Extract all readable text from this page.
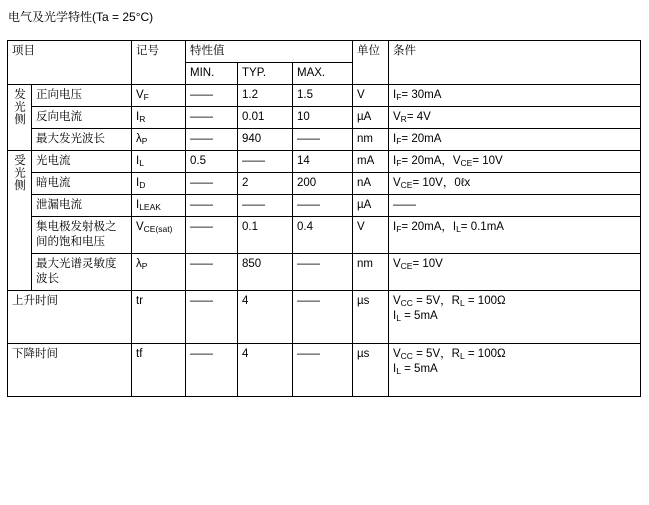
电气及光学特性(Ta = 25°C)
项目		记号	特性值			单位	条件
			MIN.	TYP.	MAX.		
发光侧	正向电压	$V_F$	——	1.2	1.5	V	$I_F= 30mA$
	反向电流	$I_R$	——	0.01	10	µA	$V_R= 4V$
	最大发光波长	$\lambda_P$	——	940	——	nm	$I_F= 20mA$
受光侧	光电流	$I_L$	0.5	——	14	mA	$I_F= 20mA$，$V_{CE}= 10V$
	暗电流	$I_D$	——	2	200	nA	$V_{CE}= 10V$，0ℓx
	泄漏电流	$I_{LEAK}$	——	——	——	µA	——
	集电极发射极之间的饱和电压	$V_{CE(sat)}$	——	0.1	0.4	V	$I_F= 20mA$，$I_L= 0.1mA$
	最大光谱灵敏度波长	$\lambda_P$	——	850	——	nm	$V_{CE}= 10V$
上升时间		tr	——	4	——	µs	$V_{CC} = 5V$，$R_L = 100\Omega$
$I_L = 5mA$
下降时间		tf	——	4	——	µs	$V_{CC} = 5V$，$R_L = 100\Omega$
$I_L = 5mA$
